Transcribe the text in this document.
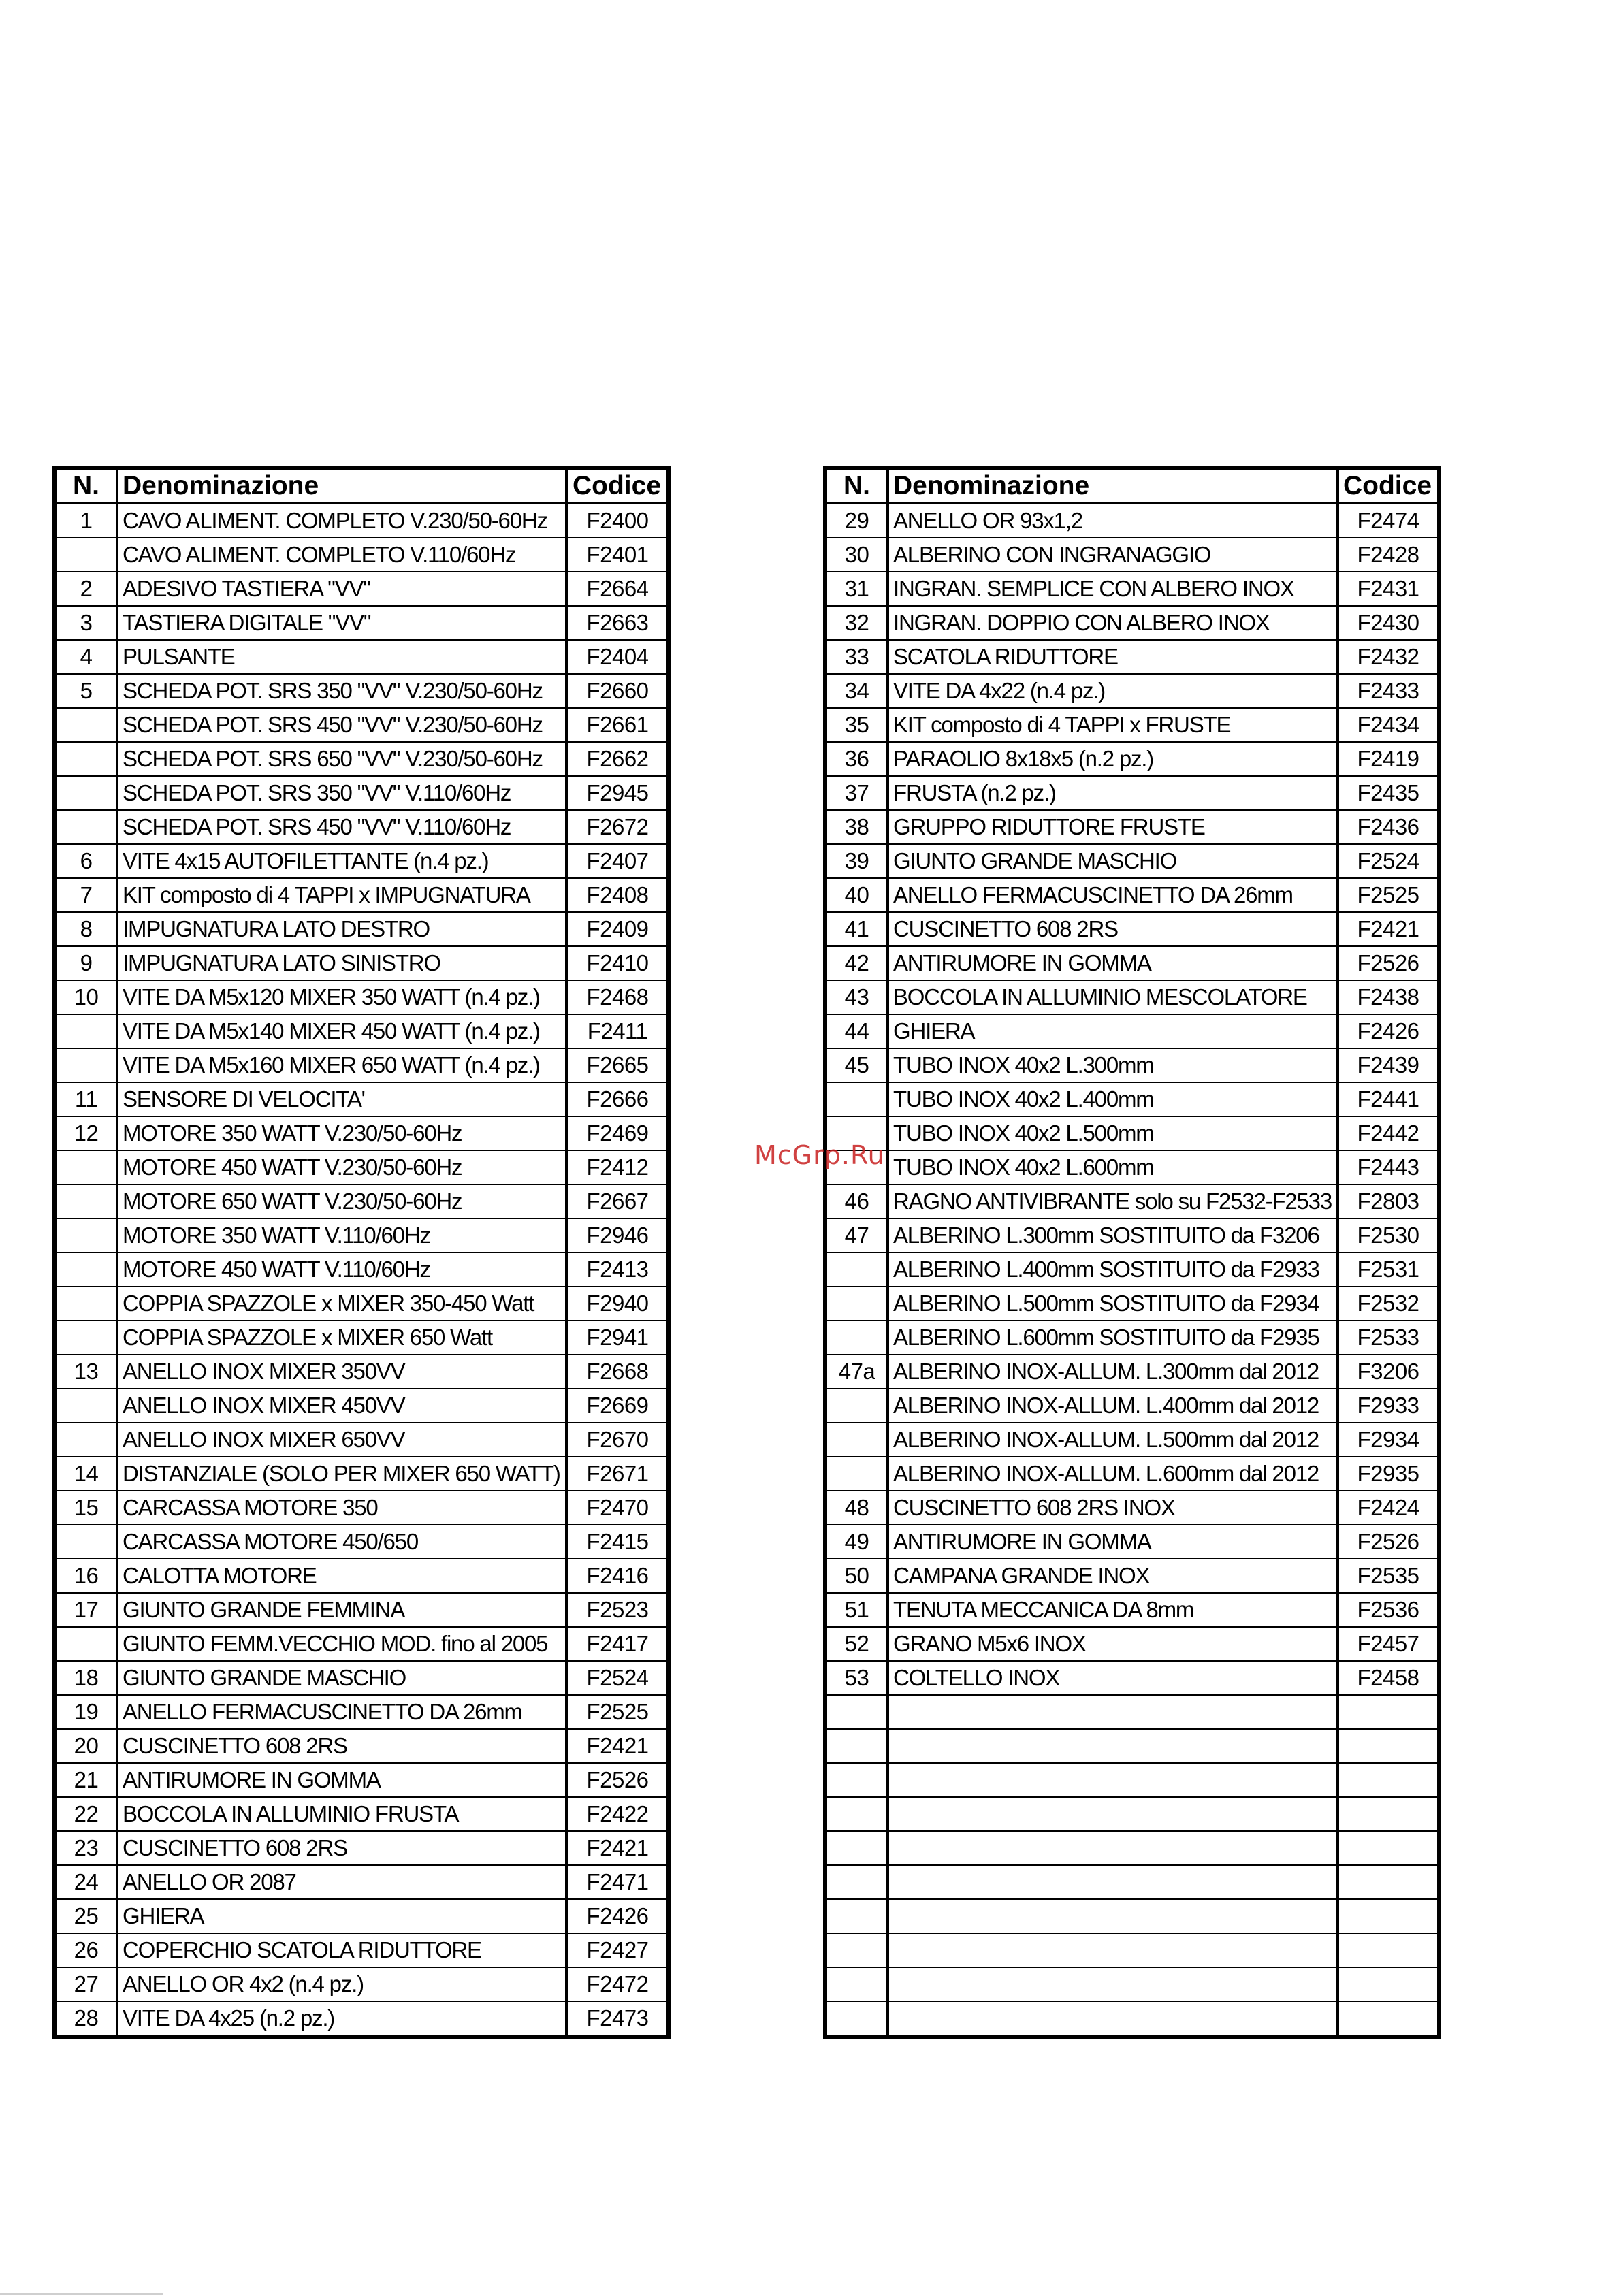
N.	Denominazione	Codice
1	CAVO ALIMENT. COMPLETO V.230/50-60Hz	F2400
	CAVO ALIMENT. COMPLETO V.110/60Hz	F2401
2	ADESIVO TASTIERA "VV"	F2664
3	TASTIERA DIGITALE "VV"	F2663
4	PULSANTE	F2404
5	SCHEDA POT. SRS 350 "VV" V.230/50-60Hz	F2660
	SCHEDA POT. SRS 450 "VV" V.230/50-60Hz	F2661
	SCHEDA POT. SRS 650 "VV" V.230/50-60Hz	F2662
	SCHEDA POT. SRS 350 "VV" V.110/60Hz	F2945
	SCHEDA POT. SRS 450 "VV" V.110/60Hz	F2672
6	VITE 4x15 AUTOFILETTANTE (n.4 pz.)	F2407
7	KIT composto di 4 TAPPI x IMPUGNATURA	F2408
8	IMPUGNATURA LATO DESTRO	F2409
9	IMPUGNATURA LATO SINISTRO	F2410
10	VITE DA M5x120 MIXER 350 WATT (n.4 pz.)	F2468
	VITE DA M5x140 MIXER 450 WATT (n.4 pz.)	F2411
	VITE DA M5x160 MIXER 650 WATT (n.4 pz.)	F2665
11	SENSORE DI VELOCITA'	F2666
12	MOTORE 350 WATT V.230/50-60Hz	F2469
	MOTORE 450 WATT V.230/50-60Hz	F2412
	MOTORE 650 WATT V.230/50-60Hz	F2667
	MOTORE 350 WATT V.110/60Hz	F2946
	MOTORE 450 WATT V.110/60Hz	F2413
	COPPIA SPAZZOLE x MIXER 350-450 Watt	F2940
	COPPIA SPAZZOLE x MIXER 650 Watt	F2941
13	ANELLO INOX MIXER 350VV	F2668
	ANELLO INOX MIXER 450VV	F2669
	ANELLO INOX MIXER 650VV	F2670
14	DISTANZIALE (SOLO PER MIXER 650 WATT)	F2671
15	CARCASSA MOTORE 350	F2470
	CARCASSA MOTORE 450/650	F2415
16	CALOTTA MOTORE	F2416
17	GIUNTO GRANDE FEMMINA	F2523
	GIUNTO FEMM.VECCHIO MOD. fino al 2005	F2417
18	GIUNTO GRANDE MASCHIO	F2524
19	ANELLO FERMACUSCINETTO DA 26mm	F2525
20	CUSCINETTO 608 2RS	F2421
21	ANTIRUMORE IN GOMMA	F2526
22	BOCCOLA IN ALLUMINIO FRUSTA	F2422
23	CUSCINETTO 608 2RS	F2421
24	ANELLO OR 2087	F2471
25	GHIERA	F2426
26	COPERCHIO SCATOLA RIDUTTORE	F2427
27	ANELLO OR 4x2 (n.4 pz.)	F2472
28	VITE DA 4x25 (n.2 pz.)	F2473
N.	Denominazione	Codice
29	ANELLO OR 93x1,2	F2474
30	ALBERINO CON INGRANAGGIO	F2428
31	INGRAN. SEMPLICE CON ALBERO INOX	F2431
32	INGRAN. DOPPIO CON ALBERO INOX	F2430
33	SCATOLA RIDUTTORE	F2432
34	VITE DA 4x22 (n.4 pz.)	F2433
35	KIT composto di 4 TAPPI x FRUSTE	F2434
36	PARAOLIO 8x18x5 (n.2 pz.)	F2419
37	FRUSTA (n.2 pz.)	F2435
38	GRUPPO RIDUTTORE FRUSTE	F2436
39	GIUNTO GRANDE MASCHIO	F2524
40	ANELLO FERMACUSCINETTO DA 26mm	F2525
41	CUSCINETTO 608 2RS	F2421
42	ANTIRUMORE IN GOMMA	F2526
43	BOCCOLA IN ALLUMINIO MESCOLATORE	F2438
44	GHIERA	F2426
45	TUBO INOX 40x2 L.300mm	F2439
	TUBO INOX 40x2 L.400mm	F2441
	TUBO INOX 40x2 L.500mm	F2442
	TUBO INOX 40x2 L.600mm	F2443
46	RAGNO ANTIVIBRANTE solo su F2532-F2533	F2803
47	ALBERINO L.300mm SOSTITUITO da F3206	F2530
	ALBERINO L.400mm SOSTITUITO da F2933	F2531
	ALBERINO L.500mm SOSTITUITO da F2934	F2532
	ALBERINO L.600mm SOSTITUITO da F2935	F2533
47a	ALBERINO INOX-ALLUM. L.300mm dal 2012	F3206
	ALBERINO INOX-ALLUM. L.400mm dal 2012	F2933
	ALBERINO INOX-ALLUM. L.500mm dal 2012	F2934
	ALBERINO INOX-ALLUM. L.600mm dal 2012	F2935
48	CUSCINETTO 608 2RS INOX	F2424
49	ANTIRUMORE IN GOMMA	F2526
50	CAMPANA GRANDE INOX	F2535
51	TENUTA MECCANICA DA 8mm	F2536
52	GRANO M5x6 INOX	F2457
53	COLTELLO INOX	F2458

McGrp.Ru
